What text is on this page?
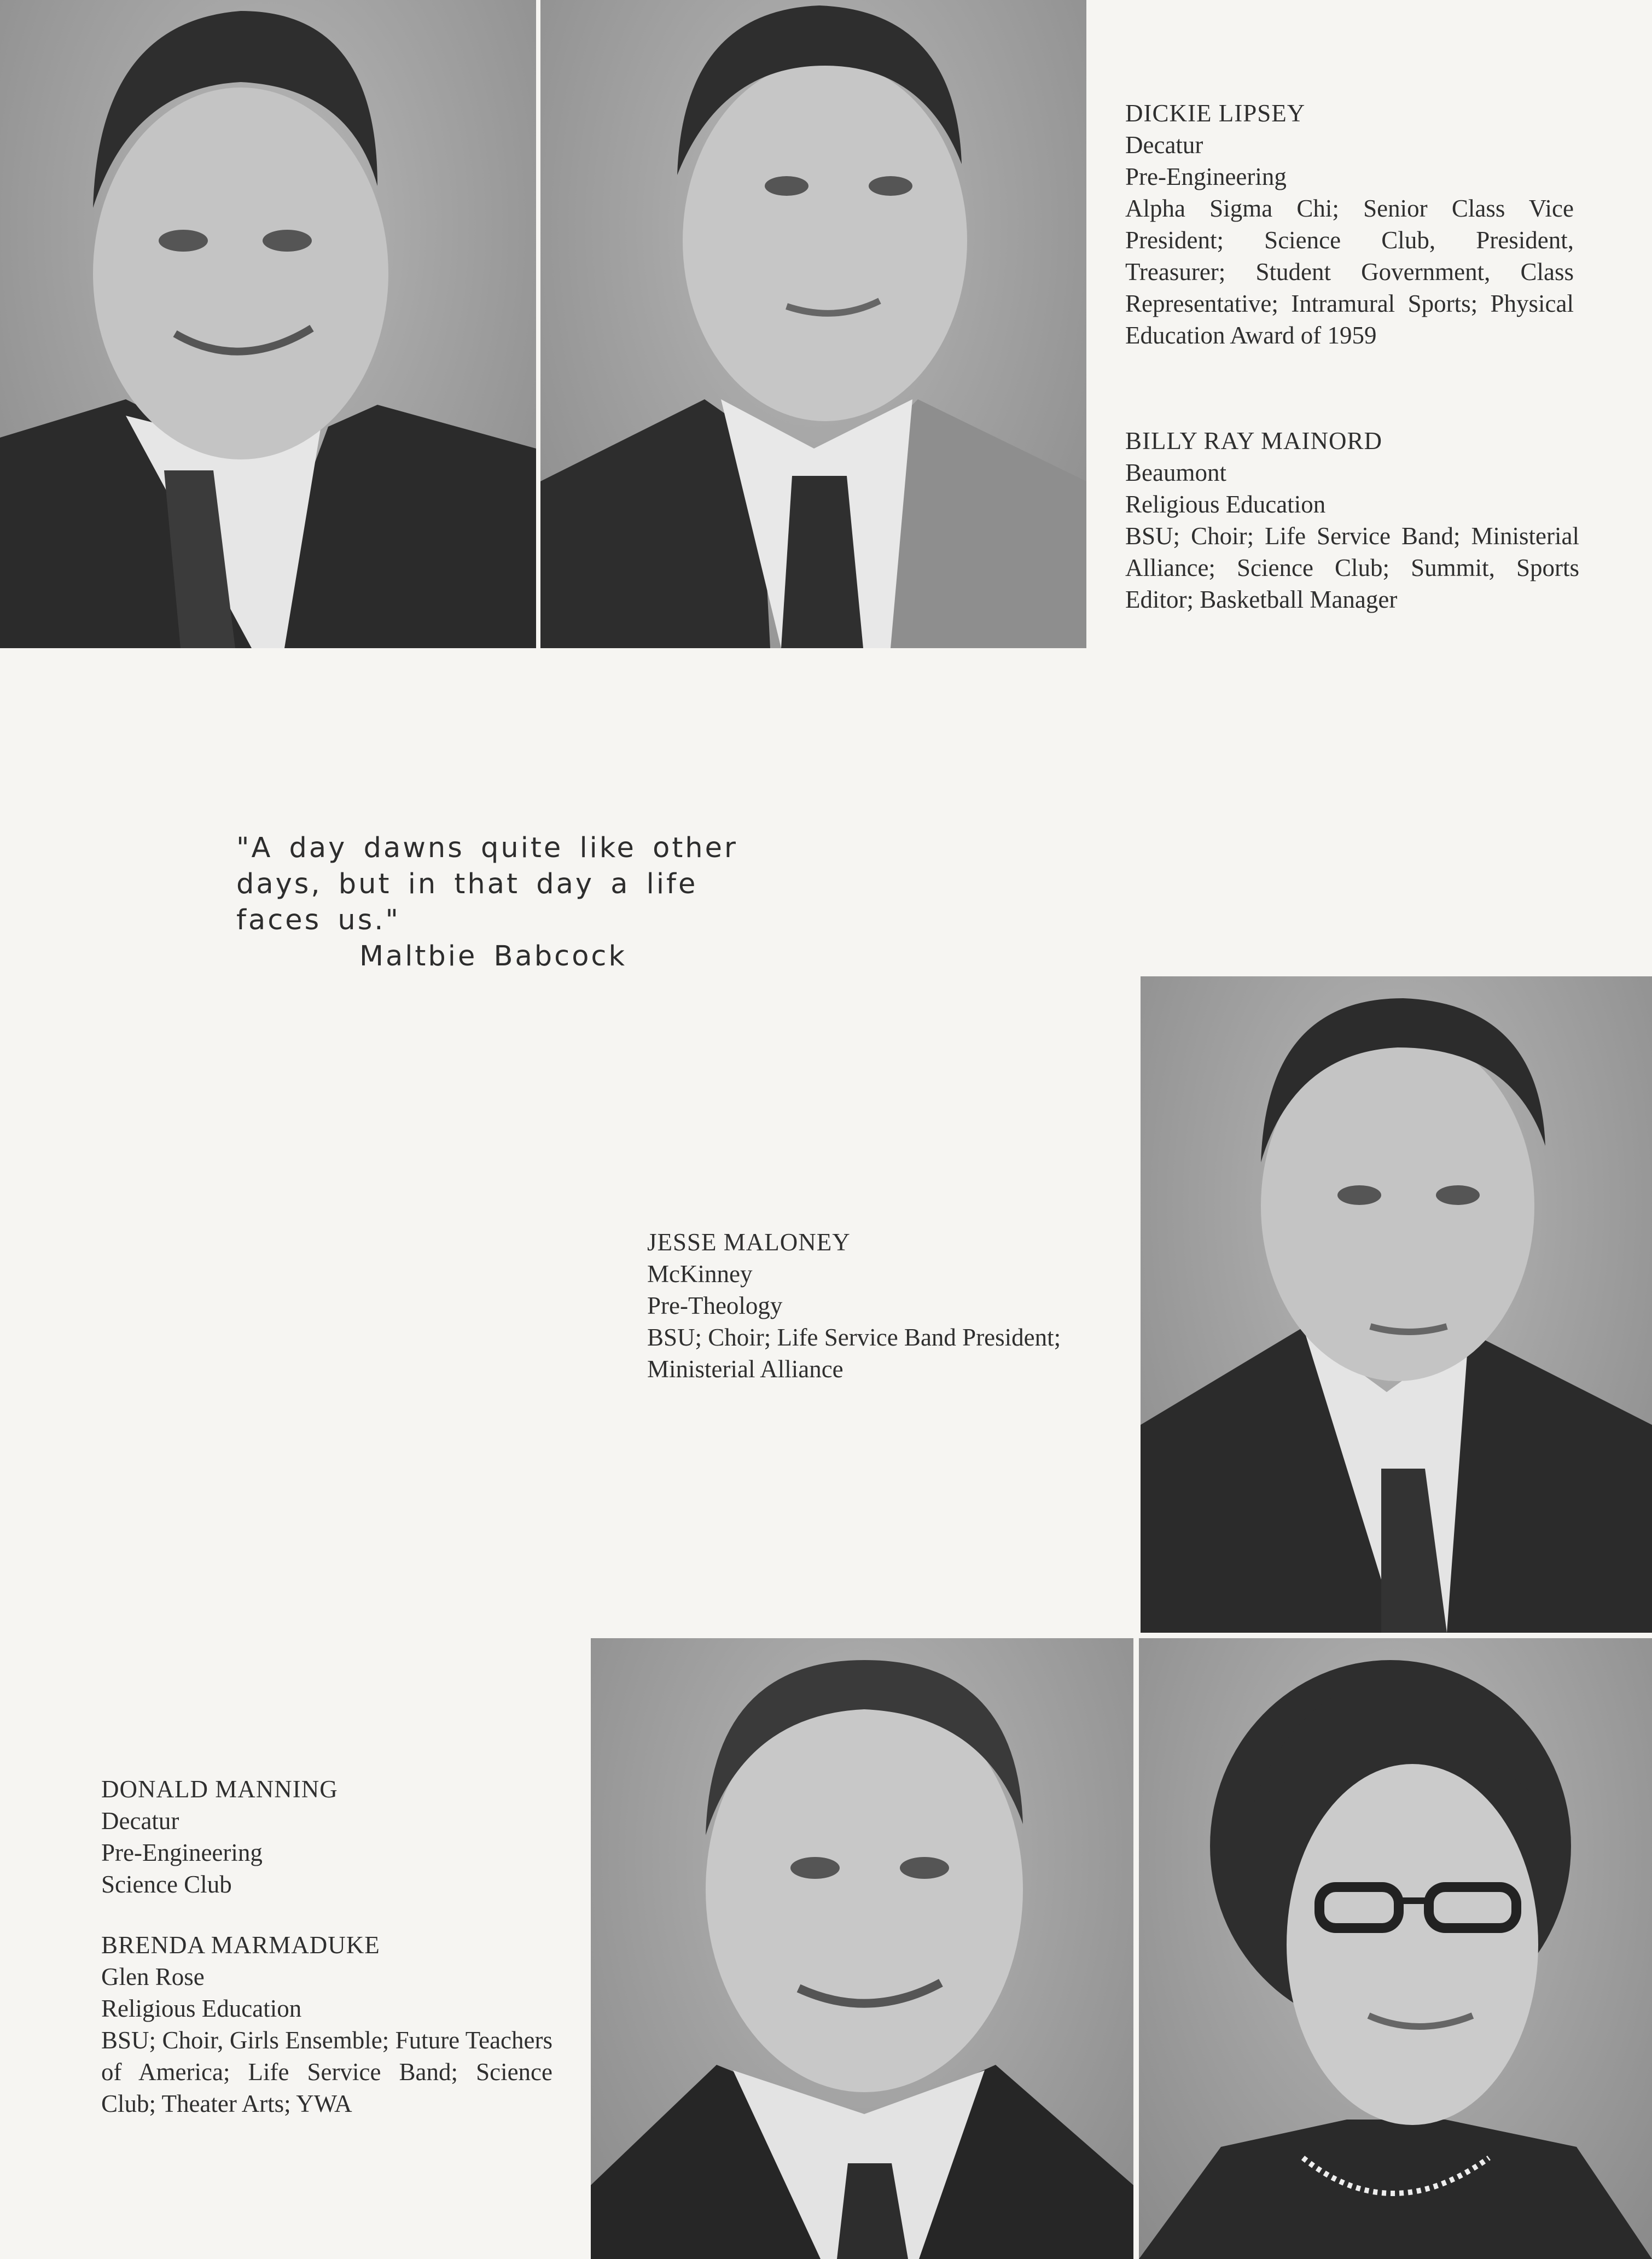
DICKIE LIPSEY
Decatur
Pre-Engineering
Alpha Sigma Chi; Senior Class Vice President; Science Club, President, Treasurer; Student Government, Class Representative; Intramural Sports; Physical Education Award of 1959
BILLY RAY MAINORD
Beaumont
Religious Education
BSU; Choir; Life Service Band; Ministerial Alliance; Science Club; Summit, Sports Editor; Basketball Manager
"A day dawns quite like other days, but in that day a life faces us."
Maltbie Babcock
JESSE MALONEY
McKinney
Pre-Theology
BSU; Choir; Life Service Band President; Ministerial Alliance
DONALD MANNING
Decatur
Pre-Engineering
Science Club
BRENDA MARMADUKE
Glen Rose
Religious Education
BSU; Choir, Girls Ensemble; Future Teachers of America; Life Service Band; Science Club; Theater Arts; YWA
